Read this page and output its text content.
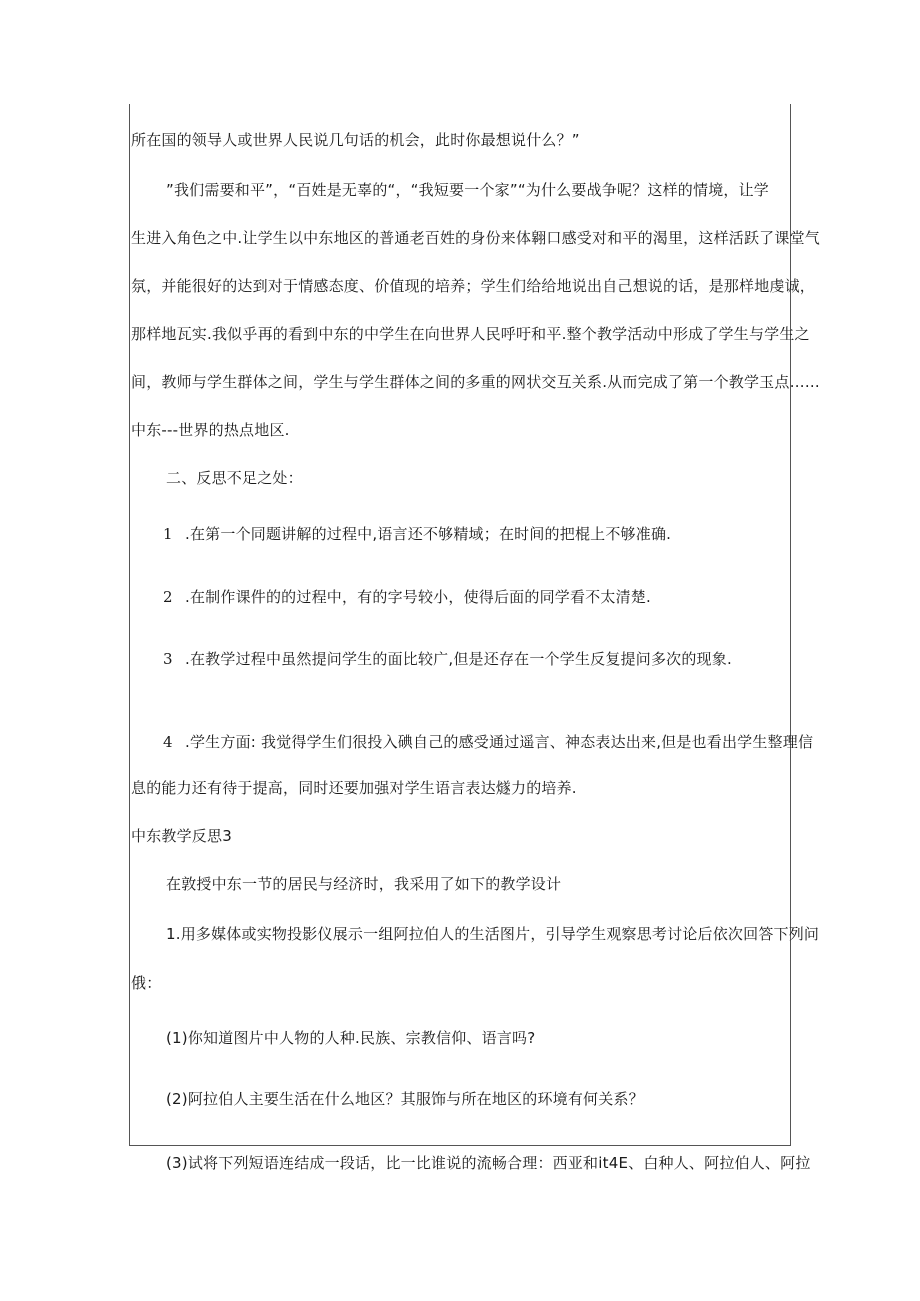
所在国的领导人或世界人民说几句话的机会，此时你最想说什么？”
”我们需要和平”，“百姓是无辜的“，“我短要一个家”“为什么要战争呢？这样的情境，让学
生进入角色之中.让学生以中东地区的普通老百姓的身份来体翱口感受对和平的渴里，这样活跃了课堂气
氛，并能很好的达到对于情感态度、价值现的培养；学生们给给地说出自己想说的话，是那样地虔诚，
那样地瓦实.我似乎再的看到中东的中学生在向世界人民呼吁和平.整个教学活动中形成了学生与学生之
间，教师与学生群体之间，学生与学生群体之间的多重的网状交互关系.从而完成了第一个教学玉点……
中东---世界的热点地区.
二、反思不足之处：
1 .在第一个同题讲解的过程中,语言还不够精域；在时间的把棍上不够准确.
2 .在制作课件的的过程中，有的字号较小，使得后面的同学看不太清楚.
3 .在教学过程中虽然提问学生的面比较广,但是还存在一个学生反复提问多次的现象.
4 .学生方面: 我觉得学生们很投入碘自己的感受通过遥言、神态表达出来,但是也看出学生整理信
息的能力还有待于提高，同时还要加强对学生语言表达燧力的培养.
中东教学反思3
在敦授中东一节的居民与经济时，我采用了如下的教学设计
1.用多媒体或实物投影仪展示一组阿拉伯人的生活图片，引导学生观察思考讨论后依次回答下列问
俄：
(1)你知道图片中人物的人种.民族、宗教信仰、语言吗?
(2)阿拉伯人主要生活在什么地区？其服饰与所在地区的环境有何关系？
(3)试将下列短语连结成一段话，比一比谁说的流畅合理：西亚和it4E、白种人、阿拉伯人、阿拉
